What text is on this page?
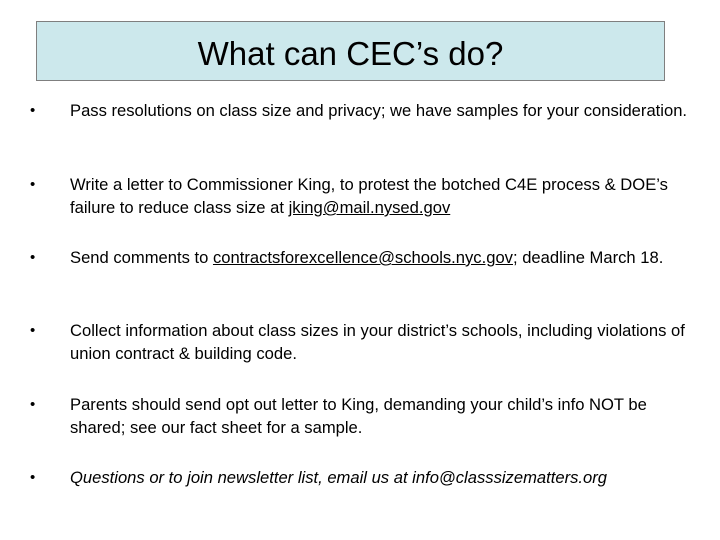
What can CEC’s do?
• Pass resolutions on class size and privacy; we have samples for your consideration.
• Write a letter to Commissioner King, to protest the botched C4E process & DOE’s failure to reduce class size at jking@mail.nysed.gov
• Send comments to contractsforexcellence@schools.nyc.gov; deadline March 18.
• Collect information about class sizes in your district’s schools, including violations of union contract & building code.
• Parents should send opt out letter to King, demanding your child’s info NOT be shared; see our fact sheet for a sample.
• Questions or to join newsletter list, email us at info@classsizematters.org
